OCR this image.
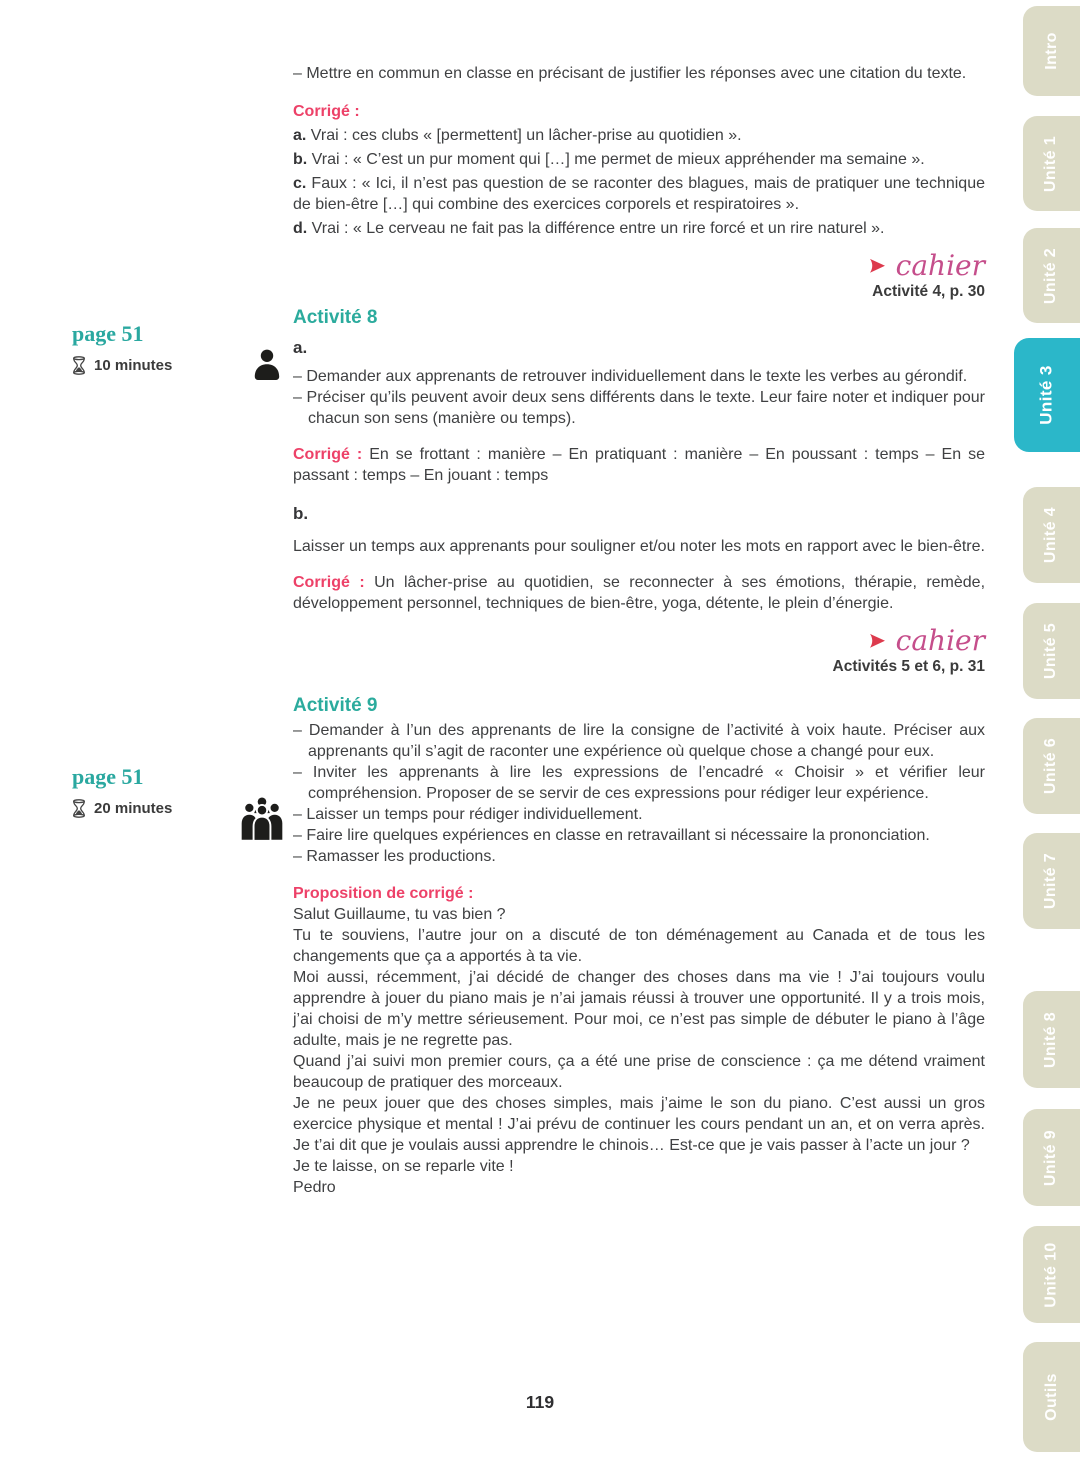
– Mettre en commun en classe en précisant de justifier les réponses avec une citation du texte.

Corrigé :

a. Vrai : ces clubs « [permettent] un lâcher-prise au quotidien ».

b. Vrai : « C’est un pur moment qui […] me permet de mieux appréhender ma semaine ».

c. Faux : « Ici, il n’est pas question de se raconter des blagues, mais de pratiquer une technique de bien-être […] qui combine des exercices corporels et respiratoires ».

d. Vrai : « Le cerveau ne fait pas la différence entre un rire forcé et un rire naturel ».

cahier
Activité 4, p. 30
Activité 8

a.

– Demander aux apprenants de retrouver individuellement dans le texte les verbes au gérondif.

– Préciser qu’ils peuvent avoir deux sens différents dans le texte. Leur faire noter et indiquer pour chacun son sens (manière ou temps).

Corrigé : En se frottant : manière – En pratiquant : manière – En poussant : temps – En se passant : temps – En jouant : temps

b.

Laisser un temps aux apprenants pour souligner et/ou noter les mots en rapport avec le bien-être.

Corrigé : Un lâcher-prise au quotidien, se reconnecter à ses émotions, thérapie, remède, développement personnel, techniques de bien-être, yoga, détente, le plein d’énergie.

cahier
Activités 5 et 6, p. 31
Activité 9

– Demander à l’un des apprenants de lire la consigne de l’activité à voix haute. Préciser aux apprenants qu’il s’agit de raconter une expérience où quelque chose a changé pour eux.

– Inviter les apprenants à lire les expressions de l’encadré « Choisir » et vérifier leur compréhension. Proposer de se servir de ces expressions pour rédiger leur expérience.

– Laisser un temps pour rédiger individuellement.

– Faire lire quelques expériences en classe en retravaillant si nécessaire la prononciation.

– Ramasser les productions.

Proposition de corrigé :

Salut Guillaume, tu vas bien ?

Tu te souviens, l’autre jour on a discuté de ton déménagement au Canada et de tous les changements que ça a apportés à ta vie.

Moi aussi, récemment, j’ai décidé de changer des choses dans ma vie ! J’ai toujours voulu apprendre à jouer du piano mais je n’ai jamais réussi à trouver une opportunité. Il y a trois mois, j’ai choisi de m’y mettre sérieusement. Pour moi, ce n’est pas simple de débuter le piano à l’âge adulte, mais je ne regrette pas.

Quand j’ai suivi mon premier cours, ça a été une prise de conscience : ça me détend vraiment beaucoup de pratiquer des morceaux.

Je ne peux jouer que des choses simples, mais j’aime le son du piano. C’est aussi un gros exercice physique et mental ! J’ai prévu de continuer les cours pendant un an, et on verra après. Je t’ai dit que je voulais aussi apprendre le chinois… Est-ce que je vais passer à l’acte un jour ?

Je te laisse, on se reparle vite !

Pedro

page 51
10 minutes
page 51
20 minutes
Intro
Unité 1
Unité 2
Unité 3
Unité 4
Unité 5
Unité 6
Unité 7
Unité 8
Unité 9
Unité 10
Outils
119
